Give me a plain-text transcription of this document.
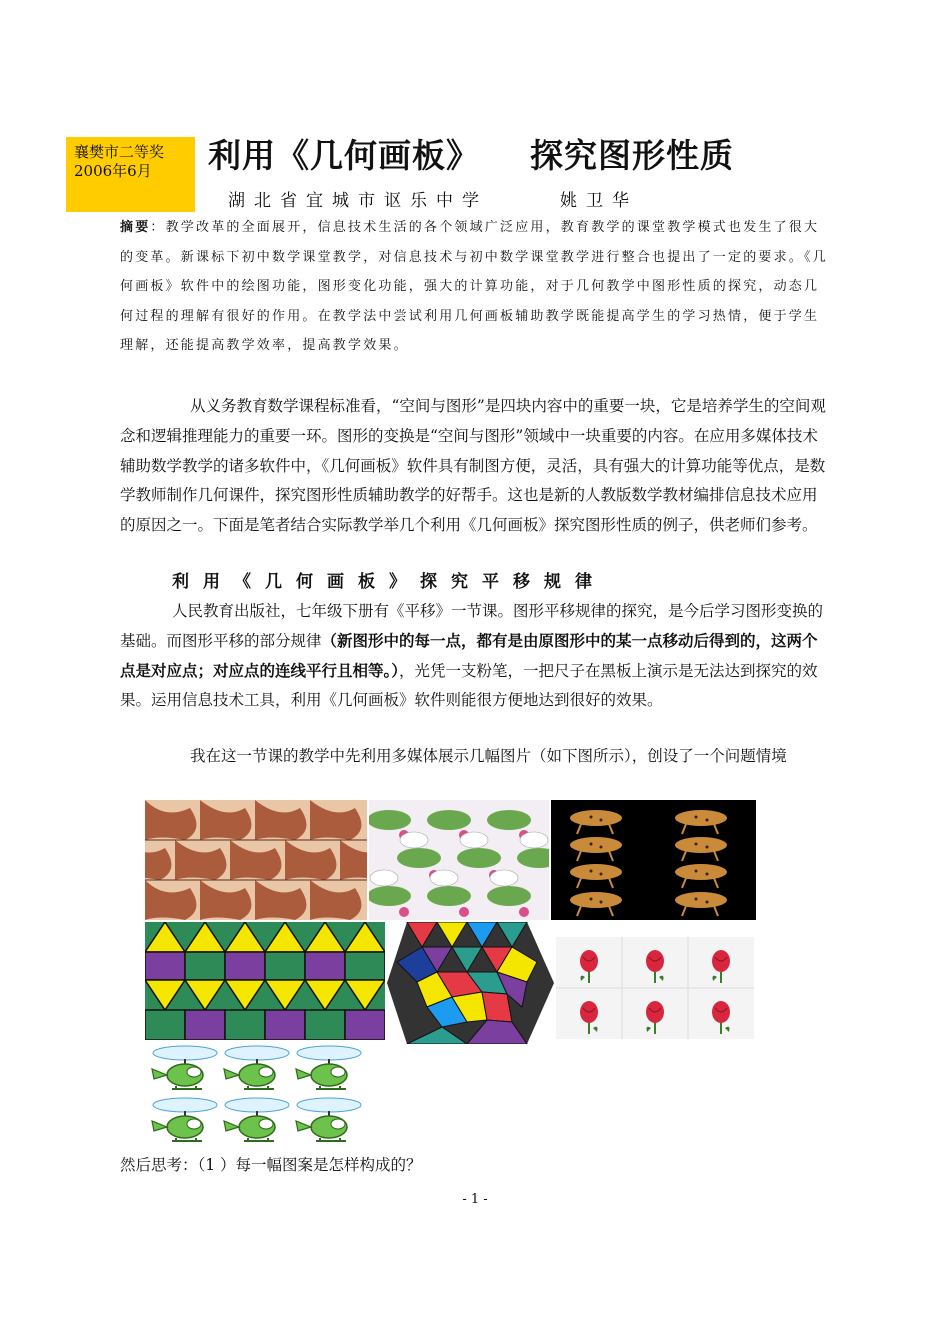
襄樊市二等奖
2006年6月	利用《几何画板》    探究图形性质
湖北省宜城市讴乐中学     姚卫华
摘要：教学改革的全面展开，信息技术生活的各个领域广泛应用，教育教学的课堂教学模式也发生了很大的变革。新课标下初中数学课堂教学，对信息技术与初中数学课堂教学进行整合也提出了一定的要求。《几何画板》软件中的绘图功能，图形变化功能，强大的计算功能，对于几何教学中图形性质的探究，动态几何过程的理解有很好的作用。在教学法中尝试利用几何画板辅助教学既能提高学生的学习热情，便于学生理解，还能提高教学效率，提高教学效果。
从义务教育数学课程标准看，“空间与图形”是四块内容中的重要一块，它是培养学生的空间观念和逻辑推理能力的重要一环。图形的变换是“空间与图形”领域中一块重要的内容。在应用多媒体技术辅助数学教学的诸多软件中，《几何画板》软件具有制图方便，灵活，具有强大的计算功能等优点，是数学教师制作几何课件，探究图形性质辅助教学的好帮手。这也是新的人教版数学教材编排信息技术应用的原因之一。下面是笔者结合实际教学举几个利用《几何画板》探究图形性质的例子，供老师们参考。
利用《几何画板》探究平移规律
人民教育出版社，七年级下册有《平移》一节课。图形平移规律的探究，是今后学习图形变换的基础。而图形平移的部分规律（新图形中的每一点，都有是由原图形中的某一点移动后得到的，这两个点是对应点；对应点的连线平行且相等。），光凭一支粉笔，一把尺子在黑板上演示是无法达到探究的效果。运用信息技术工具，利用《几何画板》软件则能很方便地达到很好的效果。
我在这一节课的教学中先利用多媒体展示几幅图片（如下图所示），创设了一个问题情境
然后思考：（1 ）每一幅图案是怎样构成的？
- 1 -
